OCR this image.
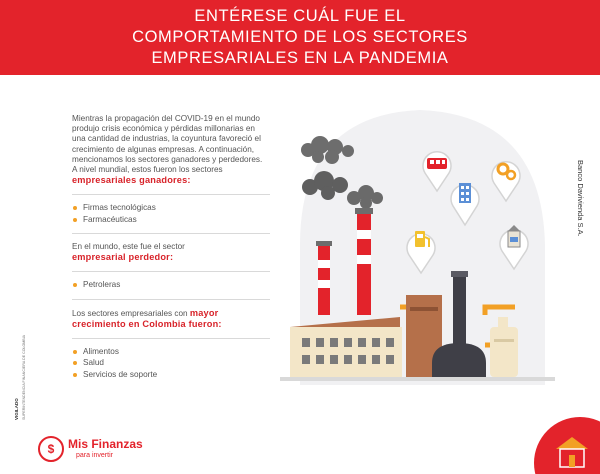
ENTÉRESE CUÁL FUE EL COMPORTAMIENTO DE LOS SECTORES EMPRESARIALES EN LA PANDEMIA

Mientras la propagación del COVID-19 en el mundo produjo crisis económica y pérdidas millonarias en una cantidad de industrias, la coyuntura favoreció el crecimiento de algunas empresas. A continuación, mencionamos los sectores ganadores y perdedores.

A nivel mundial, estos fueron los sectores

empresariales ganadores:

Firmas tecnológicas
Farmacéuticas

En el mundo, este fue el sector

empresarial perdedor:

Petroleras

Los sectores empresariales con mayor

crecimiento en Colombia fueron:

Alimentos
Salud
Servicios de soporte
Banco Davivienda S.A.
VIGILADO SUPERINTENDENCIA FINANCIERA DE COLOMBIA
$	Mis Finanzas
para invertir
